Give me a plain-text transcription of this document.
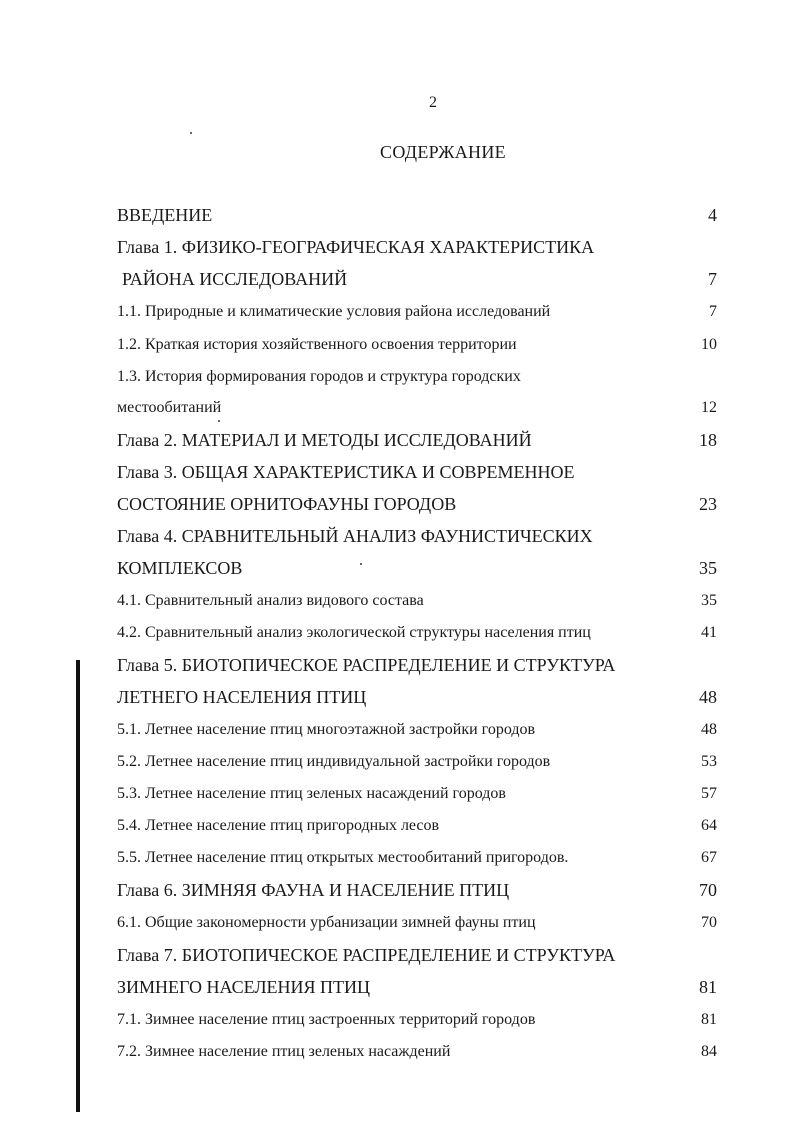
2
СОДЕРЖАНИЕ
ВВЕДЕНИЕ	4
Глава 1. ФИЗИКО-ГЕОГРАФИЧЕСКАЯ ХАРАКТЕРИСТИКА
РАЙОНА ИССЛЕДОВАНИЙ	7
1.1. Природные и климатические условия района исследований	7
1.2. Краткая история хозяйственного освоения территории	10
1.3. История формирования городов и структура городских
местообитаний	12
Глава 2. МАТЕРИАЛ И МЕТОДЫ ИССЛЕДОВАНИЙ	18
Глава 3. ОБЩАЯ ХАРАКТЕРИСТИКА И СОВРЕМЕННОЕ
СОСТОЯНИЕ ОРНИТОФАУНЫ ГОРОДОВ	23
Глава 4. СРАВНИТЕЛЬНЫЙ АНАЛИЗ ФАУНИСТИЧЕСКИХ
КОМПЛЕКСОВ	35
4.1. Сравнительный анализ видового состава	35
4.2. Сравнительный анализ экологической структуры населения птиц	41
Глава 5. БИОТОПИЧЕСКОЕ РАСПРЕДЕЛЕНИЕ И СТРУКТУРА
ЛЕТНЕГО НАСЕЛЕНИЯ ПТИЦ	48
5.1. Летнее население птиц многоэтажной застройки городов	48
5.2. Летнее население птиц индивидуальной застройки городов	53
5.3. Летнее население птиц зеленых насаждений городов	57
5.4. Летнее население птиц пригородных лесов	64
5.5. Летнее население птиц открытых местообитаний пригородов.	67
Глава 6. ЗИМНЯЯ ФАУНА И НАСЕЛЕНИЕ ПТИЦ	70
6.1. Общие закономерности урбанизации зимней фауны птиц	70
Глава 7. БИОТОПИЧЕСКОЕ РАСПРЕДЕЛЕНИЕ И СТРУКТУРА
ЗИМНЕГО НАСЕЛЕНИЯ ПТИЦ	81
7.1. Зимнее население птиц застроенных территорий городов	81
7.2. Зимнее население птиц зеленых насаждений	84
